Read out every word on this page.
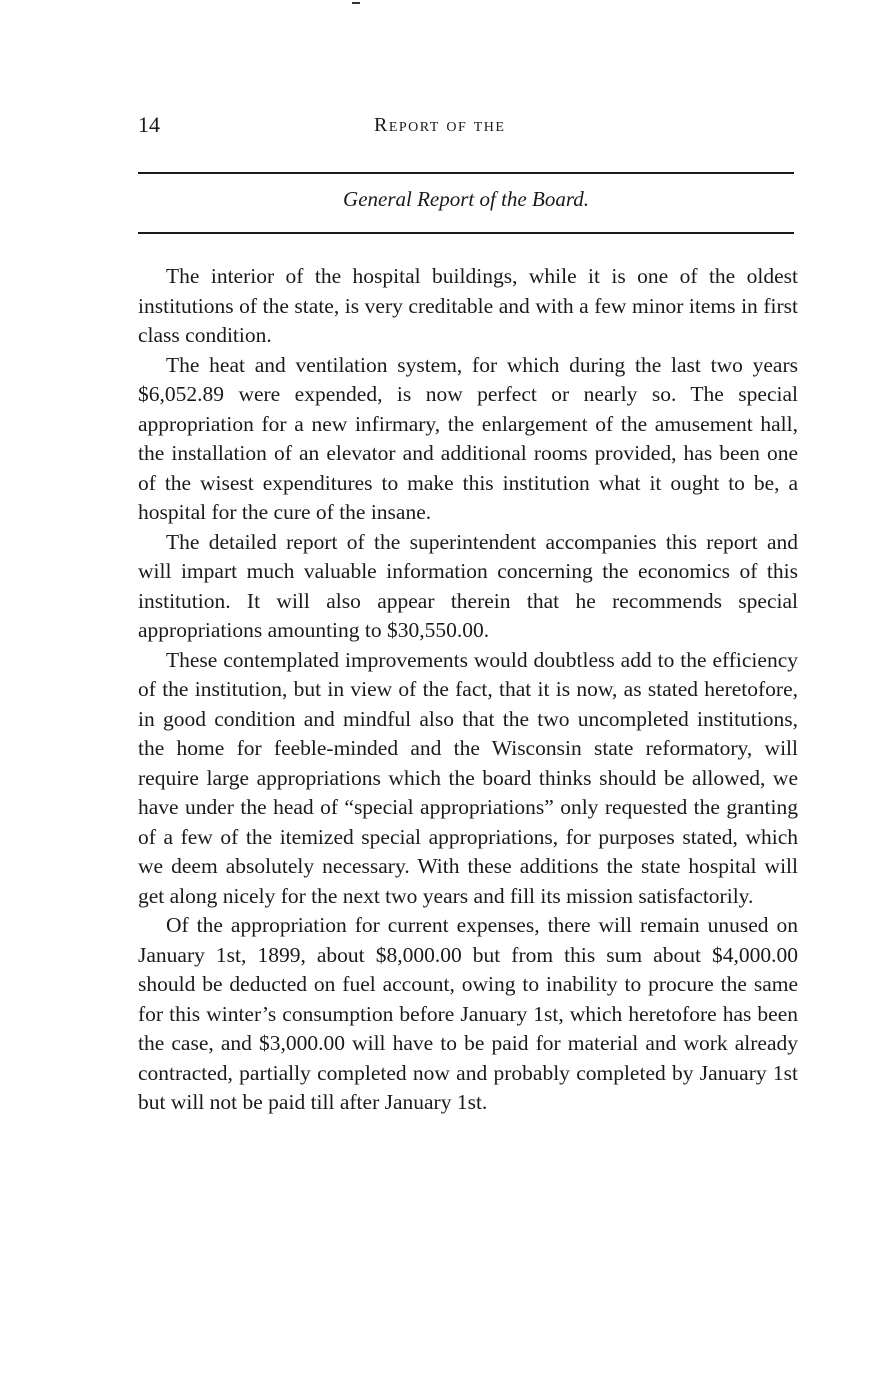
14	Report of the
General Report of the Board.

The interior of the hospital buildings, while it is one of the oldest institutions of the state, is very creditable and with a few minor items in first class condition.

The heat and ventilation system, for which during the last two years $6,052.89 were expended, is now perfect or nearly so. The special appropriation for a new infirmary, the enlargement of the amusement hall, the installation of an elevator and additional rooms provided, has been one of the wisest expenditures to make this institution what it ought to be, a hospital for the cure of the insane.

The detailed report of the superintendent accompanies this report and will impart much valuable information concerning the economics of this institution. It will also appear therein that he recommends special appropriations amounting to $30,550.00.

These contemplated improvements would doubtless add to the efficiency of the institution, but in view of the fact, that it is now, as stated heretofore, in good condition and mindful also that the two uncompleted institutions, the home for feeble-minded and the Wisconsin state reformatory, will require large appropriations which the board thinks should be allowed, we have under the head of “special appropriations” only requested the granting of a few of the itemized special appropriations, for purposes stated, which we deem absolutely necessary. With these additions the state hospital will get along nicely for the next two years and fill its mission satisfactorily.

Of the appropriation for current expenses, there will remain unused on January 1st, 1899, about $8,000.00 but from this sum about $4,000.00 should be deducted on fuel account, owing to inability to procure the same for this winter’s consumption before January 1st, which heretofore has been the case, and $3,000.00 will have to be paid for material and work already contracted, partially completed now and probably completed by January 1st but will not be paid till after January 1st.
